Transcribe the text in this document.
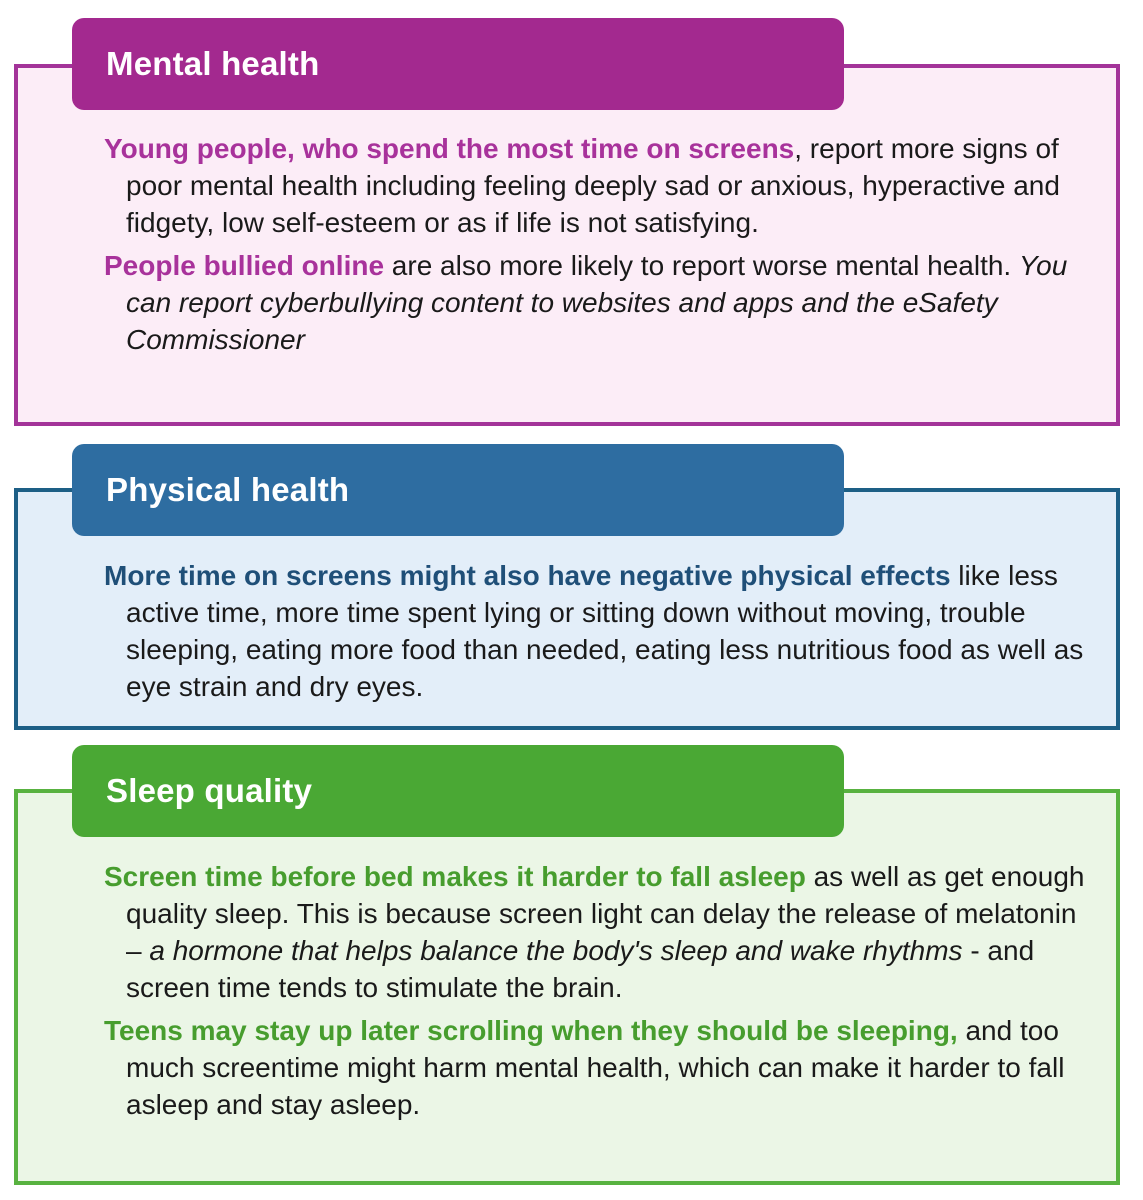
Mental health

Young people, who spend the most time on screens, report more signs of poor mental health including feeling deeply sad or anxious, hyperactive and fidgety, low self-esteem or as if life is not satisfying.

People bullied online are also more likely to report worse mental health. You can report cyberbullying content to websites and apps and the eSafety Commissioner

Physical health

More time on screens might also have negative physical effects like less active time, more time spent lying or sitting down without moving, trouble sleeping, eating more food than needed, eating less nutritious food as well as eye strain and dry eyes.

Sleep quality

Screen time before bed makes it harder to fall asleep as well as get enough quality sleep. This is because screen light can delay the release of melatonin – a hormone that helps balance the body's sleep and wake rhythms - and screen time tends to stimulate the brain.

Teens may stay up later scrolling when they should be sleeping, and too much screentime might harm mental health, which can make it harder to fall asleep and stay asleep.
